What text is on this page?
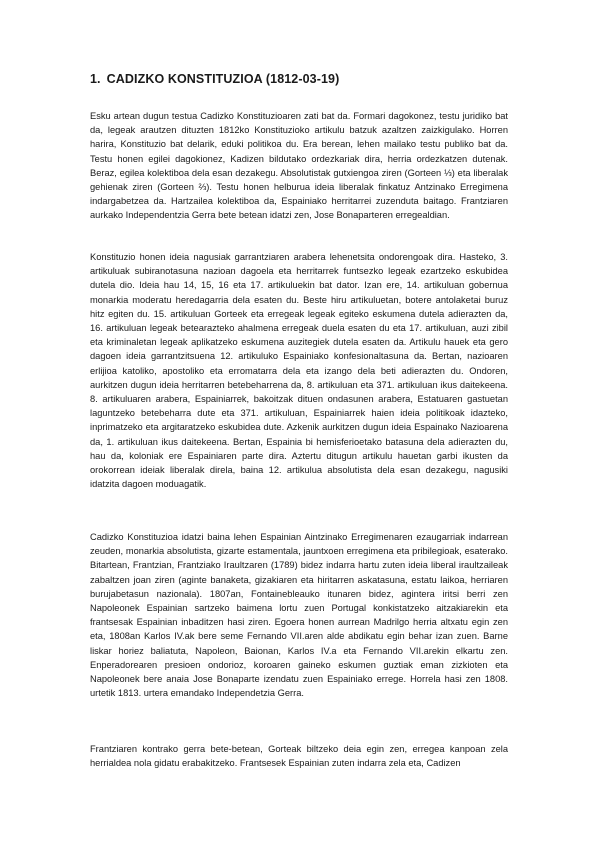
1. CADIZKO KONSTITUZIOA (1812-03-19)

Esku artean dugun testua Cadizko Konstituzioaren zati bat da. Formari dagokonez, testu juridiko bat da, legeak arautzen dituzten 1812ko Konstituzioko artikulu batzuk azaltzen zaizkigulako. Horren harira, Konstituzio bat delarik, eduki politikoa du. Era berean, lehen mailako testu publiko bat da. Testu honen egilei dagokionez, Kadizen bildutako ordezkariak dira, herria ordezkatzen dutenak. Beraz, egilea kolektiboa dela esan dezakegu. Absolutistak gutxiengoa ziren (Gorteen ⅓) eta liberalak gehienak ziren (Gorteen ⅔). Testu honen helburua ideia liberalak finkatuz Antzinako Erregimena indargabetzea da. Hartzailea kolektiboa da, Espainiako herritarrei zuzenduta baitago. Frantziaren aurkako Independentzia Gerra bete betean idatzi zen, Jose Bonaparteren erregealdian.

Konstituzio honen ideia nagusiak garrantziaren arabera lehenetsita ondorengoak dira. Hasteko, 3. artikuluak subiranotasuna nazioan dagoela eta herritarrek funtsezko legeak ezartzeko eskubidea dutela dio. Ideia hau 14, 15, 16 eta 17. artikuluekin bat dator. Izan ere, 14. artikuluan gobernua monarkia moderatu heredagarria dela esaten du. Beste hiru artikuluetan, botere antolaketai buruz hitz egiten du. 15. artikuluan Gorteek eta erregeak legeak egiteko eskumena dutela adierazten da, 16. artikuluan legeak betearazteko ahalmena erregeak duela esaten du eta 17. artikuluan, auzi zibil eta kriminaletan legeak aplikatzeko eskumena auzitegiek dutela esaten da. Artikulu hauek eta gero dagoen ideia garrantzitsuena 12. artikuluko Espainiako konfesionaltasuna da. Bertan, nazioaren erlijioa katoliko, apostoliko eta erromatarra dela eta izango dela beti adierazten du. Ondoren, aurkitzen dugun ideia herritarren betebeharrena da, 8. artikuluan eta 371. artikuluan ikus daitekeena. 8. artikuluaren arabera, Espainiarrek, bakoitzak dituen ondasunen arabera, Estatuaren gastuetan laguntzeko betebeharra dute eta 371. artikuluan, Espainiarrek haien ideia politikoak idazteko, inprimatzeko eta argitaratzeko eskubidea dute. Azkenik aurkitzen dugun ideia Espainako Nazioarena da, 1. artikuluan ikus daitekeena. Bertan, Espainia bi hemisferioetako batasuna dela adierazten du, hau da, koloniak ere Espainiaren parte dira. Aztertu ditugun artikulu hauetan garbi ikusten da orokorrean ideiak liberalak direla, baina 12. artikulua absolutista dela esan dezakegu, nagusiki idatzita dagoen moduagatik.

Cadizko Konstituzioa idatzi baina lehen Espainian Aintzinako Erregimenaren ezaugarriak indarrean zeuden, monarkia absolutista, gizarte estamentala, jauntxoen erregimena eta pribilegioak, esaterako. Bitartean, Frantzian, Frantziako Iraultzaren (1789) bidez indarra hartu zuten ideia liberal iraultzaileak zabaltzen joan ziren (aginte banaketa, gizakiaren eta hiritarren askatasuna, estatu laikoa, herriaren burujabetasun nazionala). 1807an, Fontainebleauko itunaren bidez, agintera iritsi berri zen Napoleonek Espainian sartzeko baimena lortu zuen Portugal konkistatzeko aitzakiarekin eta frantsesak Espainian inbaditzen hasi ziren. Egoera honen aurrean Madrilgo herria altxatu egin zen eta, 1808an Karlos IV.ak bere seme Fernando VII.aren alde abdikatu egin behar izan zuen. Barne liskar horiez baliatuta, Napoleon, Baionan, Karlos IV.a eta Fernando VII.arekin elkartu zen. Enperadorearen presioen ondorioz, koroaren gaineko eskumen guztiak eman zizkioten eta Napoleonek bere anaia Jose Bonaparte izendatu zuen Espainiako errege. Horrela hasi zen 1808. urtetik 1813. urtera emandako Independetzia Gerra.

Frantziaren kontrako gerra bete-betean, Gorteak biltzeko deia egin zen, erregea kanpoan zela herrialdea nola gidatu erabakitzeko. Frantsesek Espainian zuten indarra zela eta, Cadizen
